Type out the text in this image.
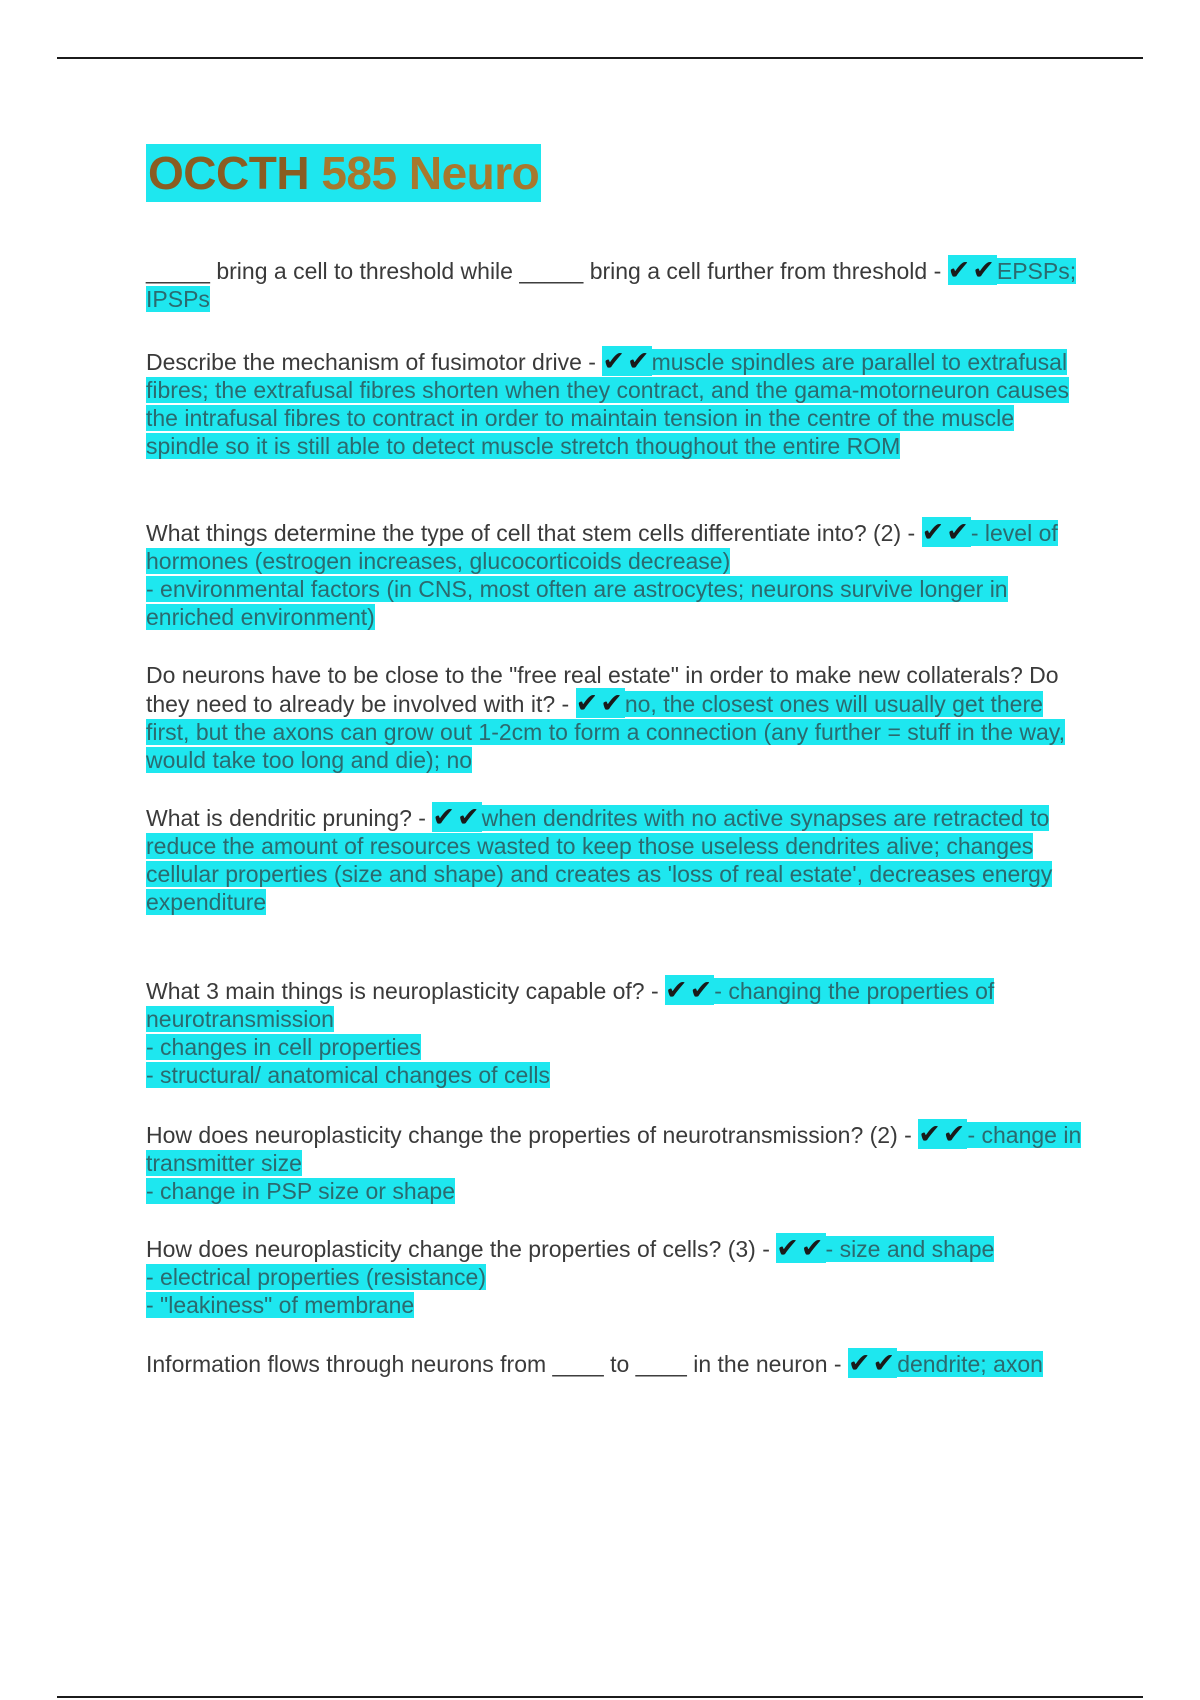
OCCTH 585 Neuro

_____ bring a cell to threshold while _____ bring a cell further from threshold - ✔✔EPSPs; IPSPs

Describe the mechanism of fusimotor drive - ✔✔muscle spindles are parallel to extrafusal fibres; the extrafusal fibres shorten when they contract, and the gama-motorneuron causes the intrafusal fibres to contract in order to maintain tension in the centre of the muscle spindle so it is still able to detect muscle stretch thoughout the entire ROM

What things determine the type of cell that stem cells differentiate into? (2) - ✔✔- level of hormones (estrogen increases, glucocorticoids decrease)
- environmental factors (in CNS, most often are astrocytes; neurons survive longer in enriched environment)

Do neurons have to be close to the "free real estate" in order to make new collaterals? Do they need to already be involved with it? - ✔✔no, the closest ones will usually get there first, but the axons can grow out 1-2cm to form a connection (any further = stuff in the way, would take too long and die); no

What is dendritic pruning? - ✔✔when dendrites with no active synapses are retracted to reduce the amount of resources wasted to keep those useless dendrites alive; changes cellular properties (size and shape) and creates as 'loss of real estate', decreases energy expenditure

What 3 main things is neuroplasticity capable of? - ✔✔- changing the properties of neurotransmission
- changes in cell properties
- structural/ anatomical changes of cells

How does neuroplasticity change the properties of neurotransmission? (2) - ✔✔- change in transmitter size
- change in PSP size or shape

How does neuroplasticity change the properties of cells? (3) - ✔✔- size and shape
- electrical properties (resistance)
- "leakiness" of membrane

Information flows through neurons from ____ to ____ in the neuron - ✔✔dendrite; axon
